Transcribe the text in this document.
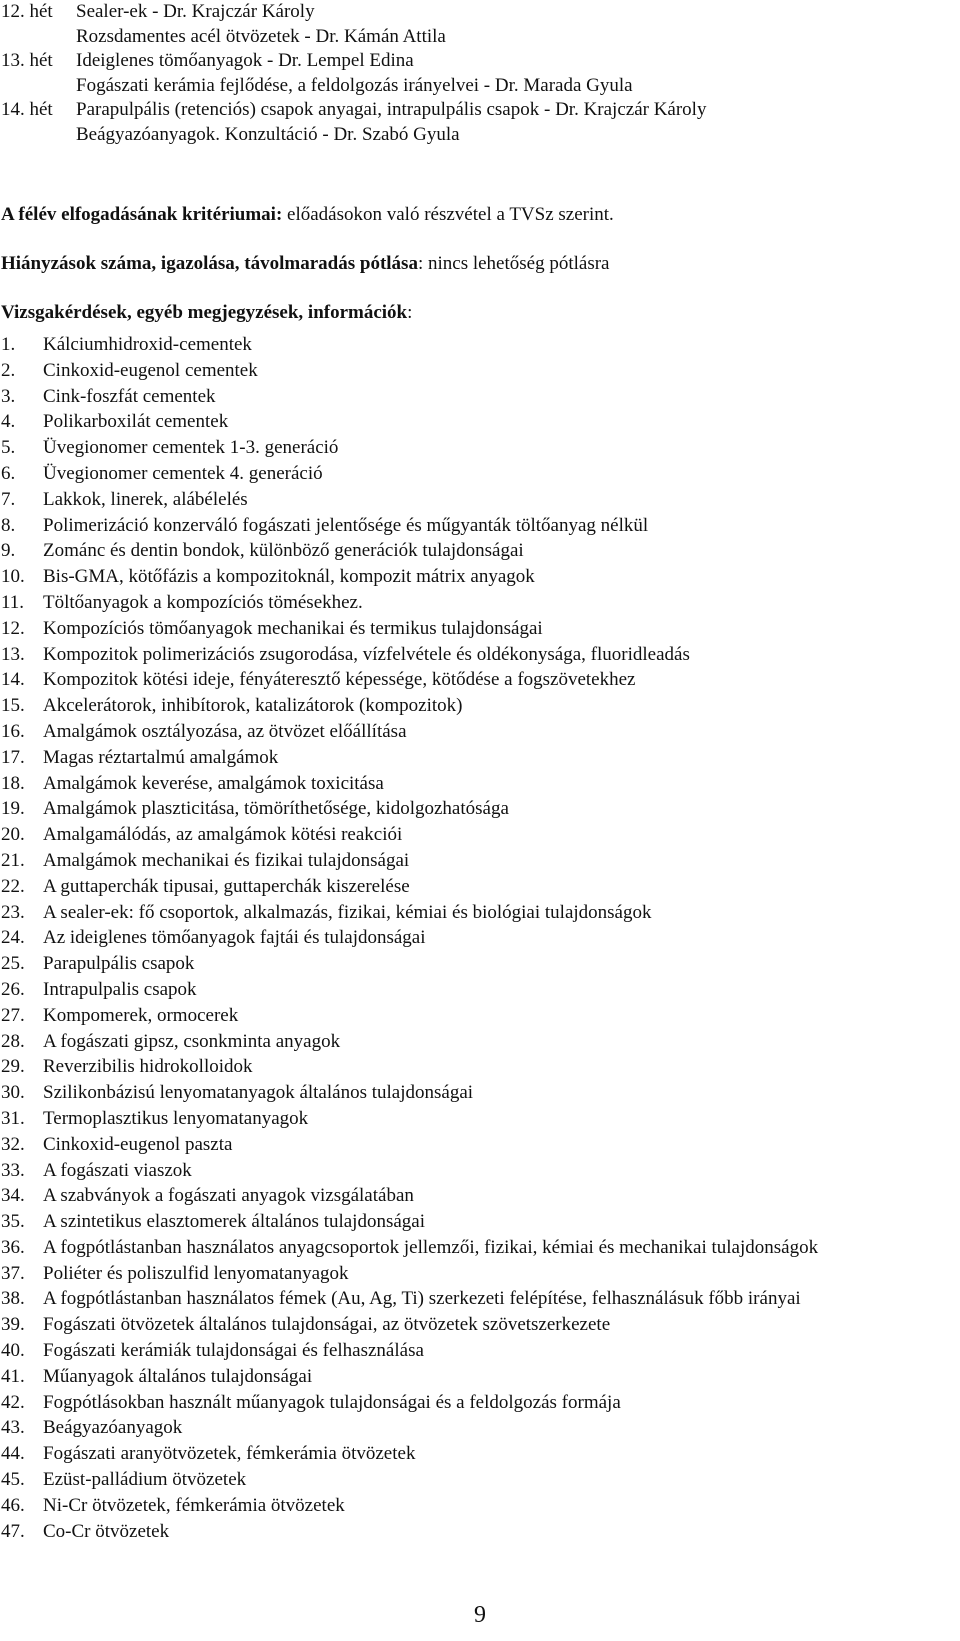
12. hét Sealer-ek - Dr. Krajczár Károly
Rozsdamentes acél ötvözetek - Dr. Kámán Attila
13. hét Ideiglenes tömőanyagok - Dr. Lempel Edina
Fogászati kerámia fejlődése, a feldolgozás irányelvei - Dr. Marada Gyula
14. hét Parapulpális (retenciós) csapok anyagai, intrapulpális csapok - Dr. Krajczár Károly
Beágyazóanyagok. Konzultáció - Dr. Szabó Gyula
A félév elfogadásának kritériumai: előadásokon való részvétel a TVSz szerint.
Hiányzások száma, igazolása, távolmaradás pótlása: nincs lehetőség pótlásra
Vizsgakérdések, egyéb megjegyzések, információk:
1. Kálciumhidroxid-cementek
2. Cinkoxid-eugenol cementek
3. Cink-foszfát cementek
4. Polikarboxilát cementek
5. Üvegionomer cementek 1-3. generáció
6. Üvegionomer cementek 4. generáció
7. Lakkok, linerek, alábélelés
8. Polimerizáció konzerváló fogászati jelentősége és műgyanták töltőanyag nélkül
9. Zománc és dentin bondok, különböző generációk tulajdonságai
10. Bis-GMA, kötőfázis a kompozitoknál, kompozit mátrix anyagok
11. Töltőanyagok a kompozíciós tömésekhez.
12. Kompozíciós tömőanyagok mechanikai és termikus tulajdonságai
13. Kompozitok polimerizációs zsugorodása, vízfelvétele és oldékonysága, fluoridleadás
14. Kompozitok kötési ideje, fényáteresztő képessége, kötődése a fogszövetekhez
15. Akcelerátorok, inhibítorok, katalizátorok (kompozitok)
16. Amalgámok osztályozása, az ötvözet előállítása
17. Magas réztartalmú amalgámok
18. Amalgámok keverése, amalgámok toxicitása
19. Amalgámok plaszticitása, tömöríthetősége, kidolgozhatósága
20. Amalgamálódás, az amalgámok kötési reakciói
21. Amalgámok mechanikai és fizikai tulajdonságai
22. A guttaperchák tipusai, guttaperchák kiszerelése
23. A sealer-ek: fő csoportok, alkalmazás, fizikai, kémiai és biológiai tulajdonságok
24. Az ideiglenes tömőanyagok fajtái és tulajdonságai
25. Parapulpális csapok
26. Intrapulpalis csapok
27. Kompomerek, ormocerek
28. A fogászati gipsz, csonkminta anyagok
29. Reverzibilis hidrokolloidok
30. Szilikonbázisú lenyomatanyagok általános tulajdonságai
31. Termoplasztikus lenyomatanyagok
32. Cinkoxid-eugenol paszta
33. A fogászati viaszok
34. A szabványok a fogászati anyagok vizsgálatában
35. A szintetikus elasztomerek általános tulajdonságai
36. A fogpótlástanban használatos anyagcsoportok jellemzői, fizikai, kémiai és mechanikai tulajdonságok
37. Poliéter és poliszulfid lenyomatanyagok
38. A fogpótlástanban használatos fémek (Au, Ag, Ti) szerkezeti felépítése, felhasználásuk főbb irányai
39. Fogászati ötvözetek általános tulajdonságai, az ötvözetek szövetszerkezete
40. Fogászati kerámiák tulajdonságai és felhasználása
41. Műanyagok általános tulajdonságai
42. Fogpótlásokban használt műanyagok tulajdonságai és a feldolgozás formája
43. Beágyazóanyagok
44. Fogászati aranyötvözetek, fémkerámia ötvözetek
45. Ezüst-palládium ötvözetek
46. Ni-Cr ötvözetek, fémkerámia ötvözetek
47. Co-Cr ötvözetek
9
